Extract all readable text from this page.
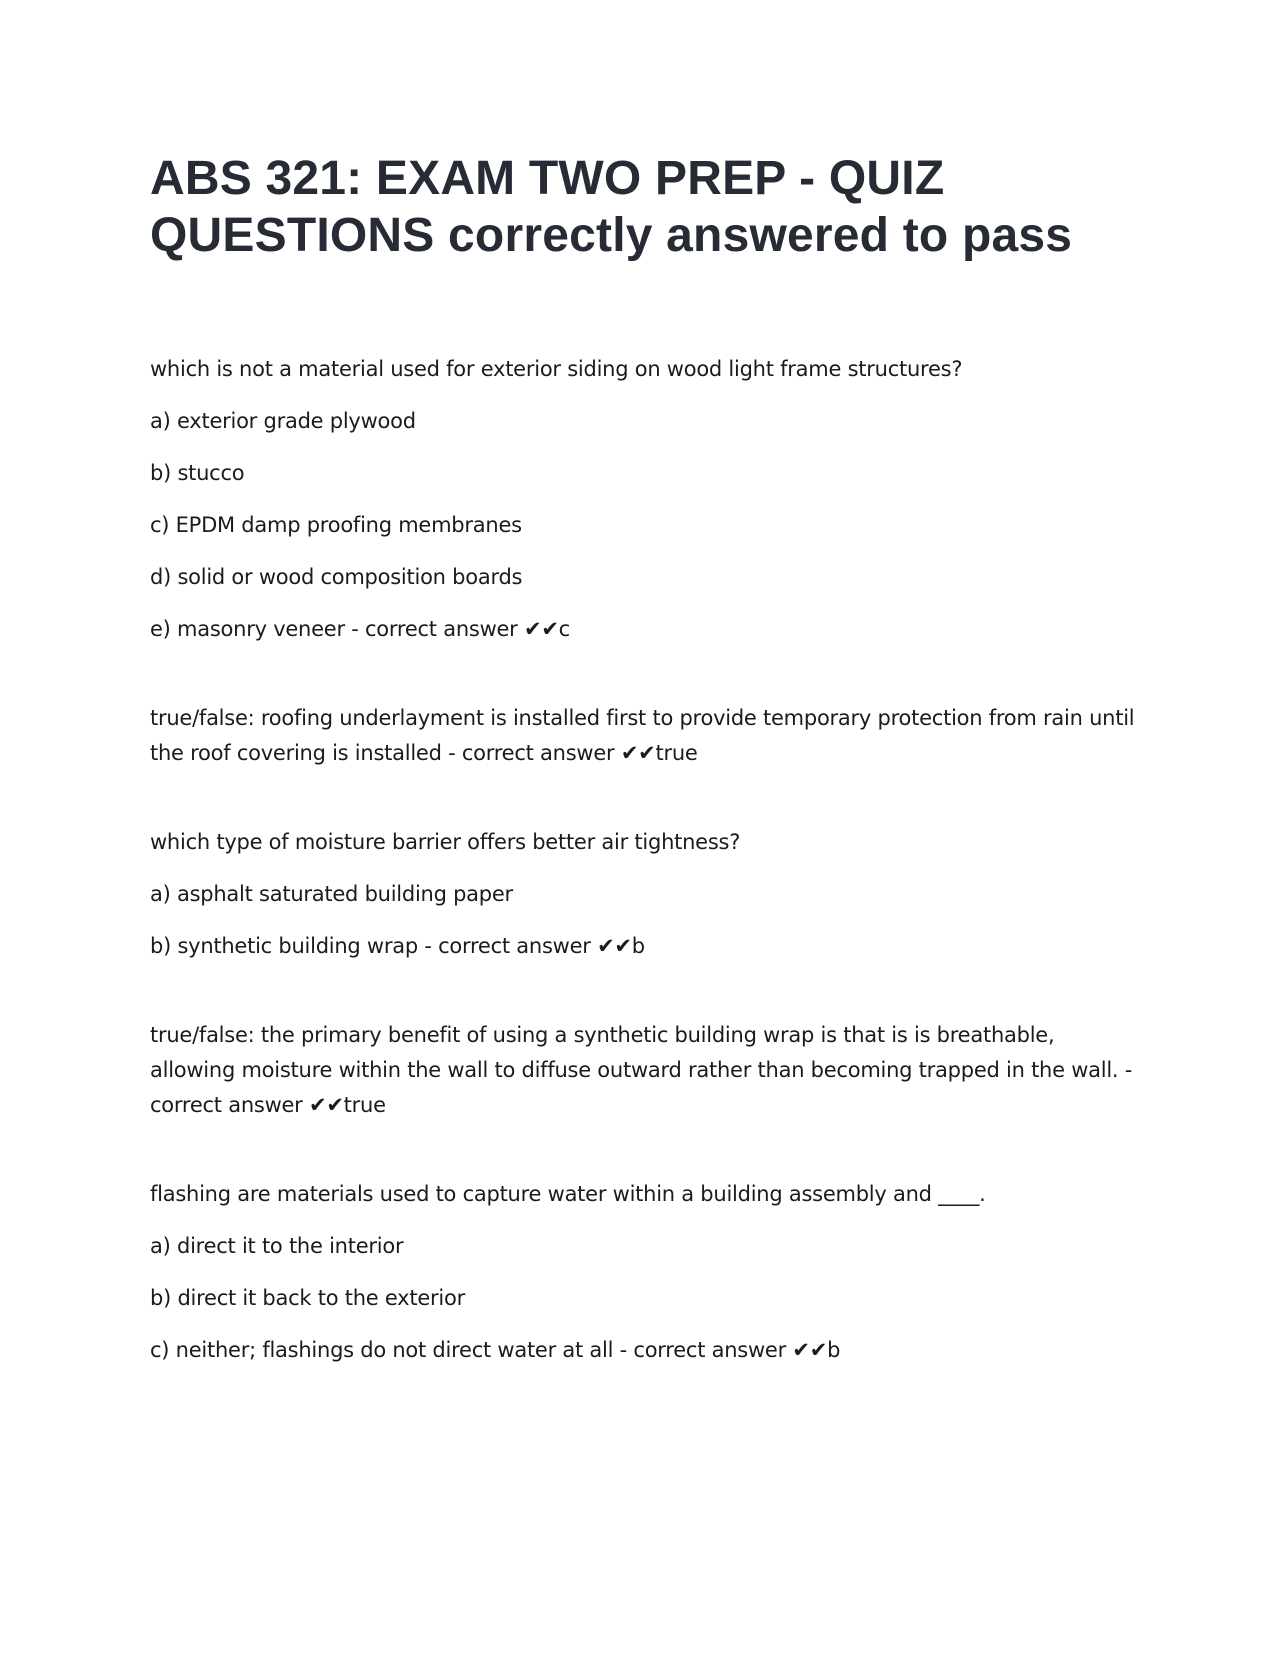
ABS 321: EXAM TWO PREP - QUIZ QUESTIONS correctly answered to pass

which is not a material used for exterior siding on wood light frame structures?

a) exterior grade plywood

b) stucco

c) EPDM damp proofing membranes

d) solid or wood composition boards

e) masonry veneer - correct answer ✔✔c

true/false: roofing underlayment is installed first to provide temporary protection from rain until the roof covering is installed - correct answer ✔✔true

which type of moisture barrier offers better air tightness?

a) asphalt saturated building paper

b) synthetic building wrap - correct answer ✔✔b

true/false: the primary benefit of using a synthetic building wrap is that is is breathable, allowing moisture within the wall to diffuse outward rather than becoming trapped in the wall. - correct answer ✔✔true

flashing are materials used to capture water within a building assembly and ____.

a) direct it to the interior

b) direct it back to the exterior

c) neither; flashings do not direct water at all - correct answer ✔✔b
